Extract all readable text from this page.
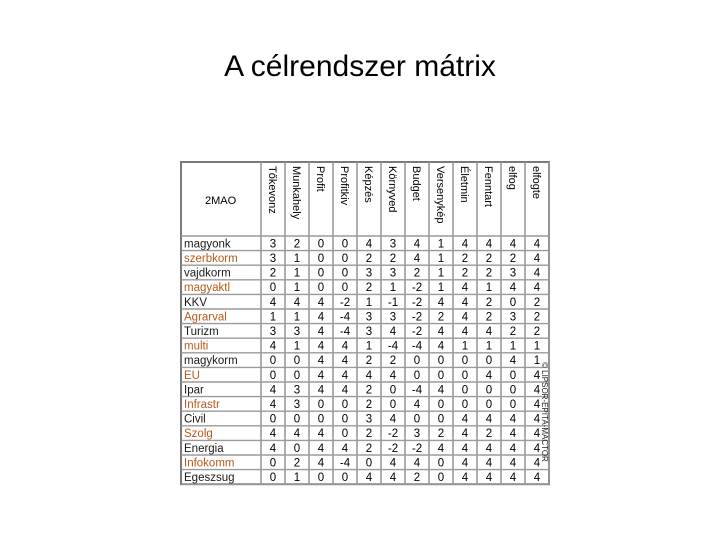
A célrendszer mátrix
2MAO	Tőkevonz Munkahely Profit Profitkiv Képzés Környved Budget Versenykép Életmin Fenntart elfog elfogte
magyonk	3 2 0 0 4 3 4 1 4 4 4 4
szerbkorm	3 1 0 0 2 2 4 1 2 2 2 4
vajdkorm	2 1 0 0 3 3 2 1 2 2 3 4
magyaktl	0 1 0 0 2 1 -2 1 4 1 4 4
KKV	4 4 4 -2 1 -1 -2 4 4 2 0 2
Agrarval	1 1 4 -4 3 3 -2 2 4 2 3 2
Turizm	3 3 4 -4 3 4 -2 4 4 4 2 2
multi	4 1 4 4 1 -4 -4 4 1 1 1 1
magykorm	0 0 4 4 2 2 0 0 0 0 4 1
EU	0 0 4 4 4 4 0 0 0 4 0 4
Ipar	4 3 4 4 2 0 -4 4 0 0 0 4
Infrastr	4 3 0 0 2 0 4 0 0 0 0 4
Civil	0 0 0 0 3 4 0 0 4 4 4 4
Szolg	4 4 4 0 2 -2 3 2 4 2 4 4
Energia	4 0 4 4 2 -2 -2 4 4 4 4 4
Infokomm	0 2 4 -4 0 4 4 0 4 4 4 4
Egeszsug	0 1 0 0 4 4 2 0 4 4 4 4
© LIPSOR-EPITA-MACTOR
